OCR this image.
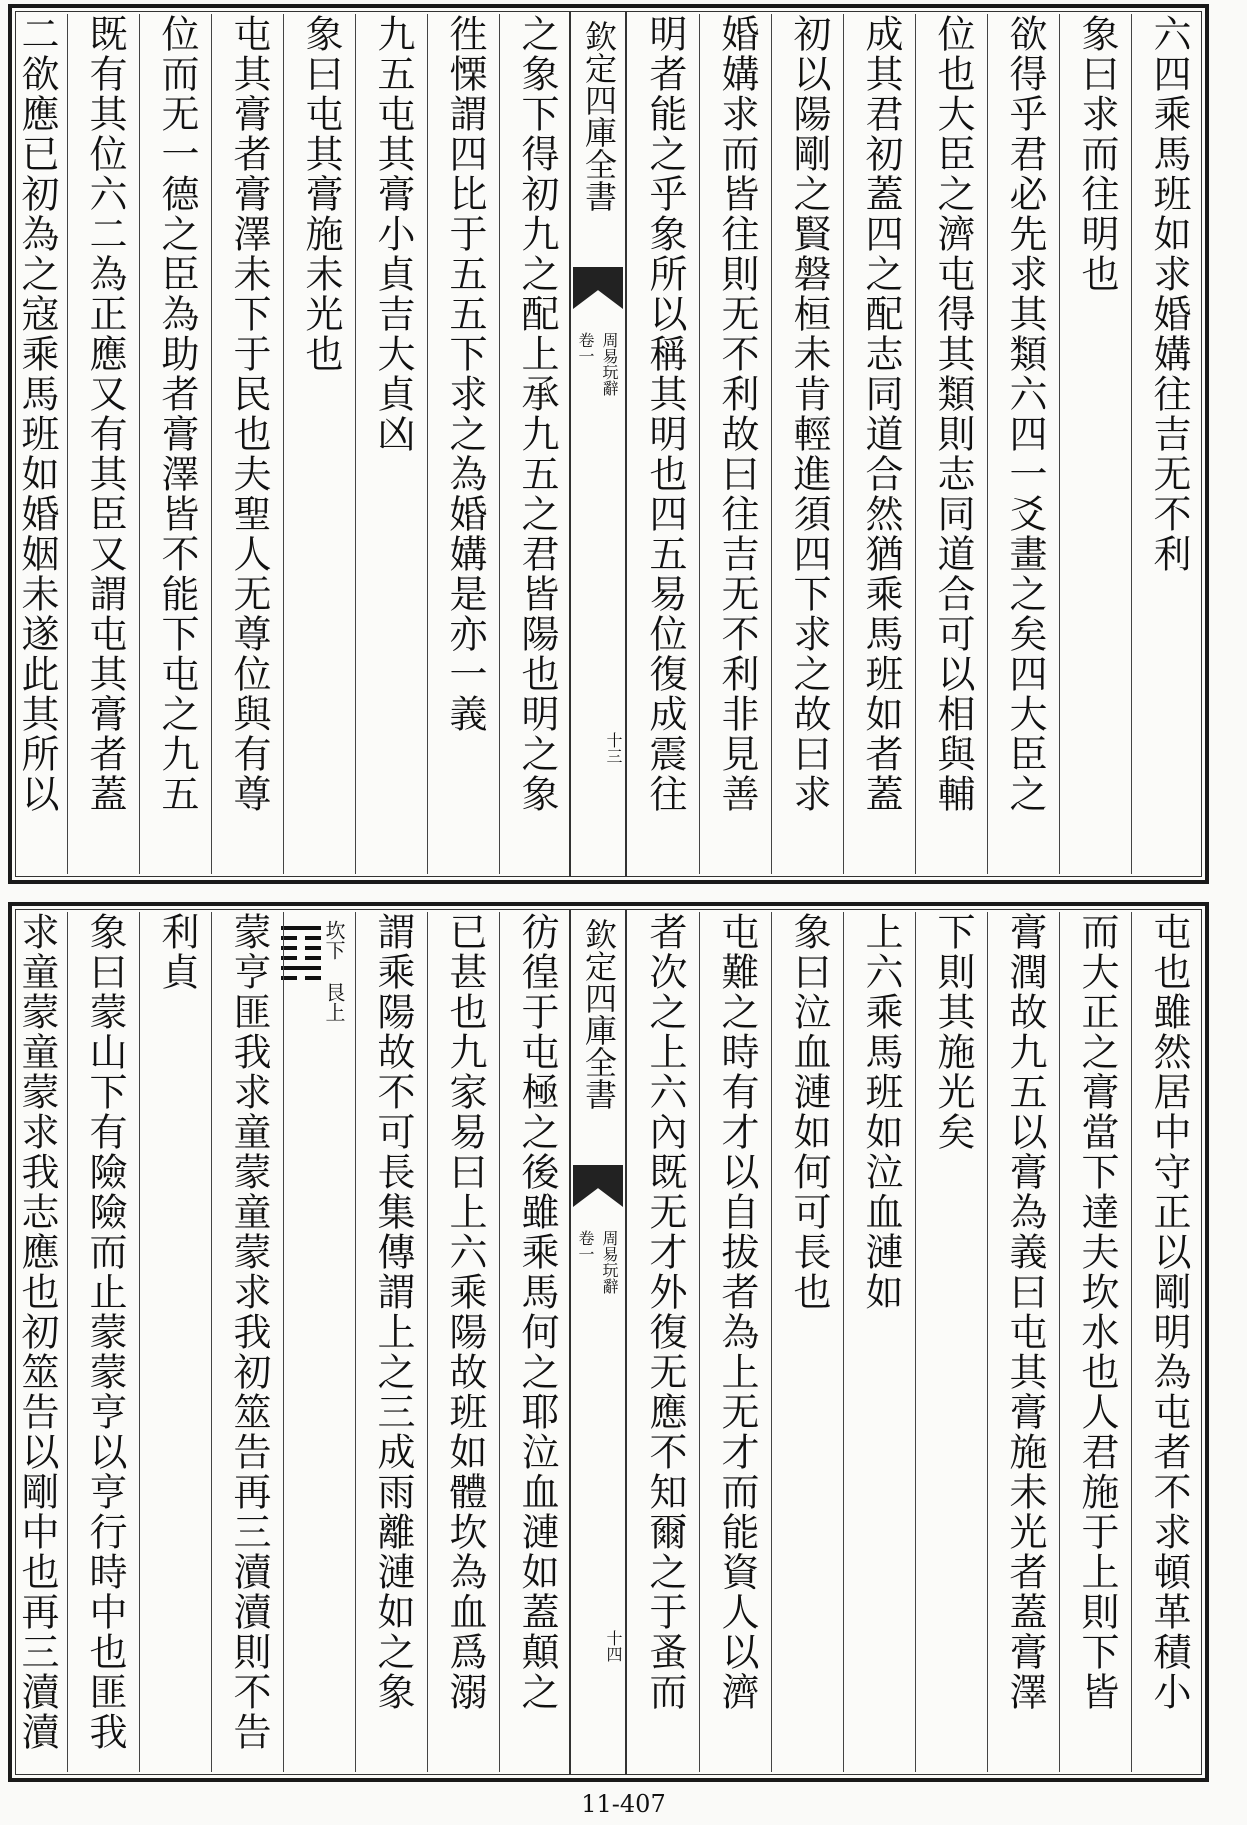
六四乘馬班如求婚媾往吉无不利
象曰求而往明也
欲得乎君必先求其類六四一爻畫之矣四大臣之
位也大臣之濟屯得其類則志同道合可以相與輔
成其君初蓋四之配志同道合然猶乘馬班如者蓋
初以陽剛之賢磐桓未肯輕進須四下求之故曰求
婚媾求而皆往則无不利故曰往吉无不利非見善
明者能之乎象所以稱其明也四五易位復成震往
欽定四庫全書
周易玩辭
卷一
十三
之象下得初九之配上承九五之君皆陽也明之象
徃慄謂四比于五五下求之為婚媾是亦一義
九五屯其膏小貞吉大貞凶
象曰屯其膏施未光也
屯其膏者膏澤未下于民也夫聖人无尊位與有尊
位而无一德之臣為助者膏澤皆不能下屯之九五
既有其位六二為正應又有其臣又謂屯其膏者蓋
二欲應已初為之寇乘馬班如婚姻未遂此其所以
屯也雖然居中守正以剛明為屯者不求頓革積小
而大正之膏當下達夫坎水也人君施于上則下皆
膏潤故九五以膏為義曰屯其膏施未光者蓋膏澤
下則其施光矣
上六乘馬班如泣血漣如
象曰泣血漣如何可長也
屯難之時有才以自拔者為上无才而能資人以濟
者次之上六內既无才外復无應不知爾之于蚤而
欽定四庫全書
周易玩辭
卷一
十四
彷徨于屯極之後雖乘馬何之耶泣血漣如蓋顛之
已甚也九家易曰上六乘陽故班如體坎為血爲溺
謂乘陽故不可長集傳謂上之三成雨離漣如之象
坎下
艮上
蒙亨匪我求童蒙童蒙求我初筮告再三瀆瀆則不告
利貞
象曰蒙山下有險險而止蒙蒙亨以亨行時中也匪我
求童蒙童蒙求我志應也初筮告以剛中也再三瀆瀆
11-407
